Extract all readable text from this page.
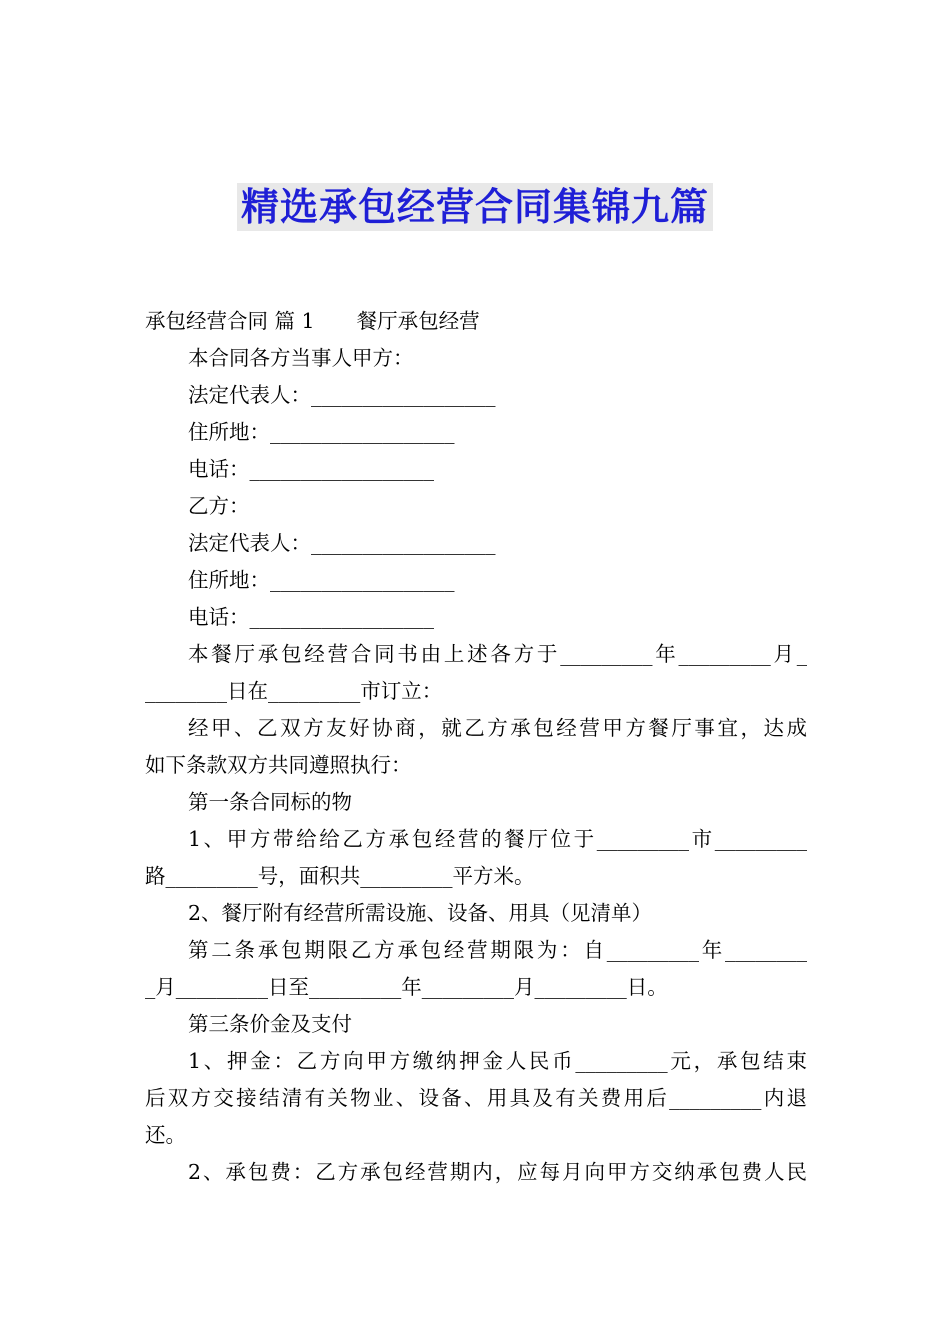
精选承包经营合同集锦九篇
承包经营合同 篇 1 餐厅承包经营
本合同各方当事人甲方：
法定代表人：__________________
住所地：__________________
电话：__________________
乙方：
法定代表人：__________________
住所地：__________________
电话：__________________
本餐厅承包经营合同书由上述各方于_________年_________月_
________日在_________市订立：
经甲、乙双方友好协商，就乙方承包经营甲方餐厅事宜，达成
如下条款双方共同遵照执行：
第一条合同标的物
1、甲方带给给乙方承包经营的餐厅位于_________市_________
路_________号，面积共_________平方米。
2、餐厅附有经营所需设施、设备、用具（见清单）
第二条承包期限乙方承包经营期限为：自_________年________
_月_________日至_________年_________月_________日。
第三条价金及支付
1、押金：乙方向甲方缴纳押金人民币_________元，承包结束
后双方交接结清有关物业、设备、用具及有关费用后_________内退
还。
2、承包费：乙方承包经营期内，应每月向甲方交纳承包费人民
